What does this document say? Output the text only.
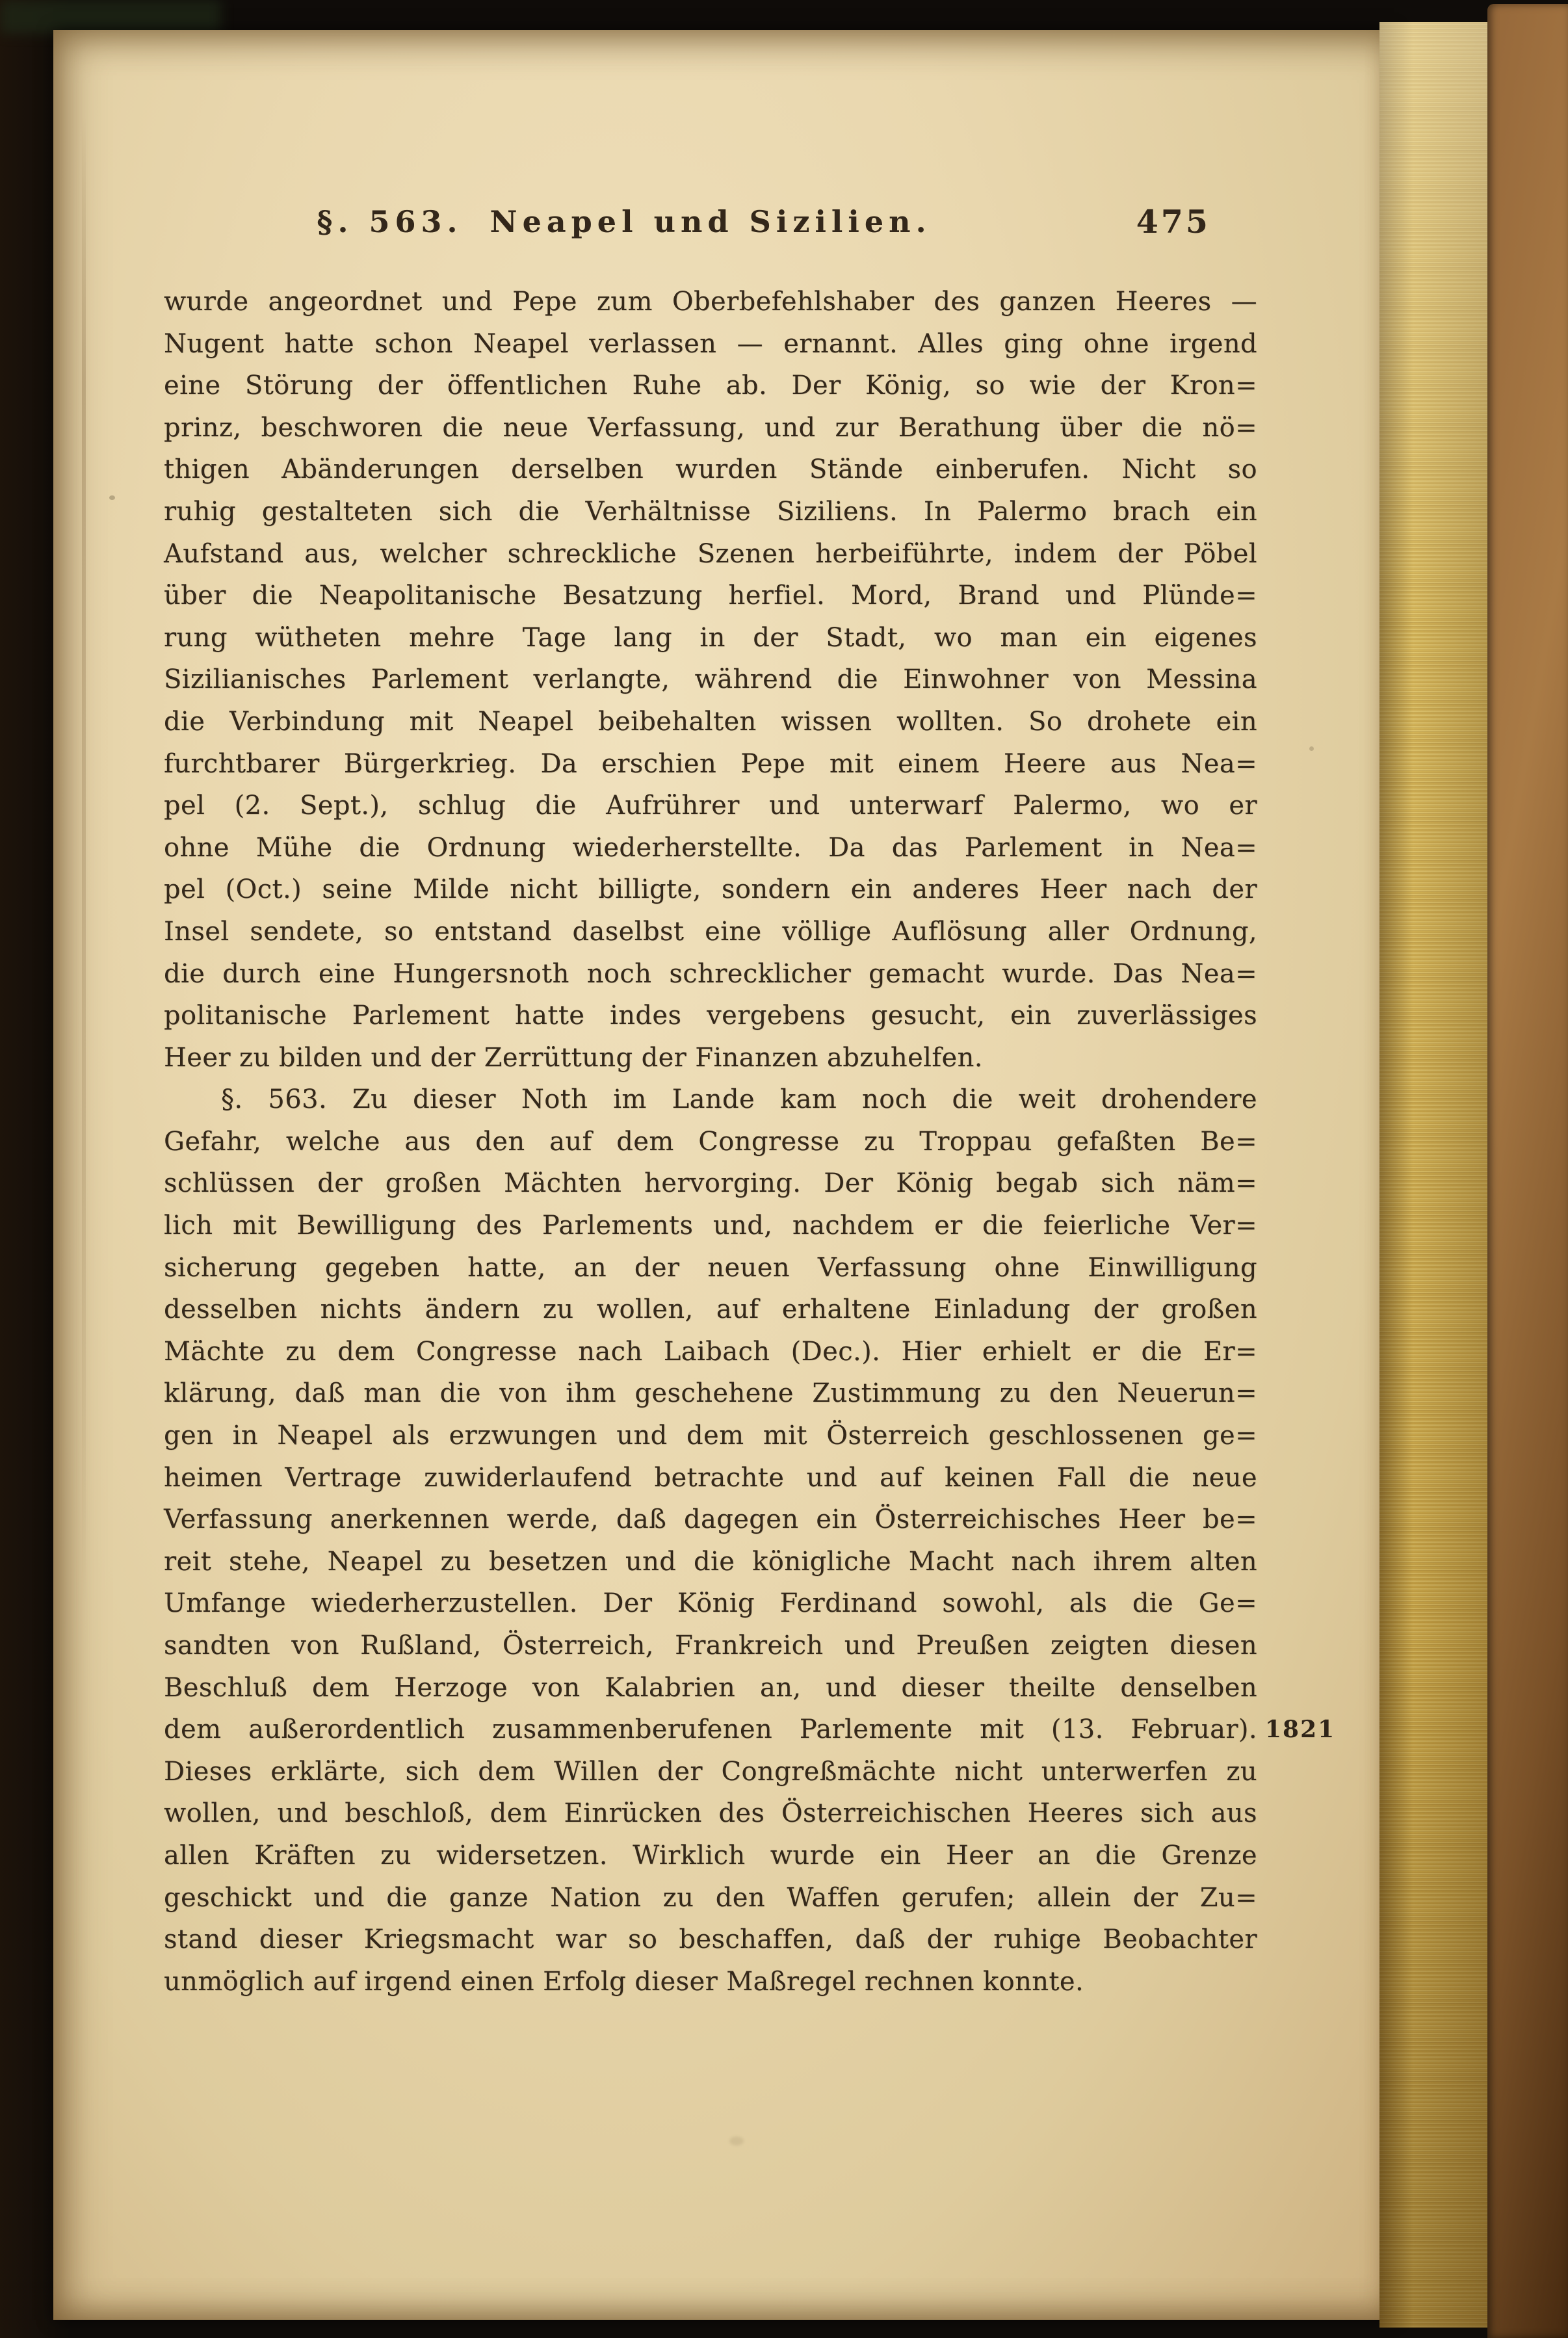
§. 563. Neapel und Sizilien.	475
wurde angeordnet und Pepe zum Oberbefehlshaber des ganzen Heeres —
Nugent hatte schon Neapel verlassen — ernannt. Alles ging ohne irgend
eine Störung der öffentlichen Ruhe ab. Der König, so wie der Kron=
prinz, beschworen die neue Verfassung, und zur Berathung über die nö=
thigen Abänderungen derselben wurden Stände einberufen. Nicht so
ruhig gestalteten sich die Verhältnisse Siziliens. In Palermo brach ein
Aufstand aus, welcher schreckliche Szenen herbeiführte, indem der Pöbel
über die Neapolitanische Besatzung herfiel. Mord, Brand und Plünde=
rung wütheten mehre Tage lang in der Stadt, wo man ein eigenes
Sizilianisches Parlement verlangte, während die Einwohner von Messina
die Verbindung mit Neapel beibehalten wissen wollten. So drohete ein
furchtbarer Bürgerkrieg. Da erschien Pepe mit einem Heere aus Nea=
pel (2. Sept.), schlug die Aufrührer und unterwarf Palermo, wo er
ohne Mühe die Ordnung wiederherstellte. Da das Parlement in Nea=
pel (Oct.) seine Milde nicht billigte, sondern ein anderes Heer nach der
Insel sendete, so entstand daselbst eine völlige Auflösung aller Ordnung,
die durch eine Hungersnoth noch schrecklicher gemacht wurde. Das Nea=
politanische Parlement hatte indes vergebens gesucht, ein zuverlässiges
Heer zu bilden und der Zerrüttung der Finanzen abzuhelfen.
§. 563. Zu dieser Noth im Lande kam noch die weit drohendere
Gefahr, welche aus den auf dem Congresse zu Troppau gefaßten Be=
schlüssen der großen Mächten hervorging. Der König begab sich näm=
lich mit Bewilligung des Parlements und, nachdem er die feierliche Ver=
sicherung gegeben hatte, an der neuen Verfassung ohne Einwilligung
desselben nichts ändern zu wollen, auf erhaltene Einladung der großen
Mächte zu dem Congresse nach Laibach (Dec.). Hier erhielt er die Er=
klärung, daß man die von ihm geschehene Zustimmung zu den Neuerun=
gen in Neapel als erzwungen und dem mit Österreich geschlossenen ge=
heimen Vertrage zuwiderlaufend betrachte und auf keinen Fall die neue
Verfassung anerkennen werde, daß dagegen ein Österreichisches Heer be=
reit stehe, Neapel zu besetzen und die königliche Macht nach ihrem alten
Umfange wiederherzustellen. Der König Ferdinand sowohl, als die Ge=
sandten von Rußland, Österreich, Frankreich und Preußen zeigten diesen
Beschluß dem Herzoge von Kalabrien an, und dieser theilte denselben
dem außerordentlich zusammenberufenen Parlemente mit (13. Februar).
Dieses erklärte, sich dem Willen der Congreßmächte nicht unterwerfen zu
wollen, und beschloß, dem Einrücken des Österreichischen Heeres sich aus
allen Kräften zu widersetzen. Wirklich wurde ein Heer an die Grenze
geschickt und die ganze Nation zu den Waffen gerufen; allein der Zu=
stand dieser Kriegsmacht war so beschaffen, daß der ruhige Beobachter
unmöglich auf irgend einen Erfolg dieser Maßregel rechnen konnte.
1821
